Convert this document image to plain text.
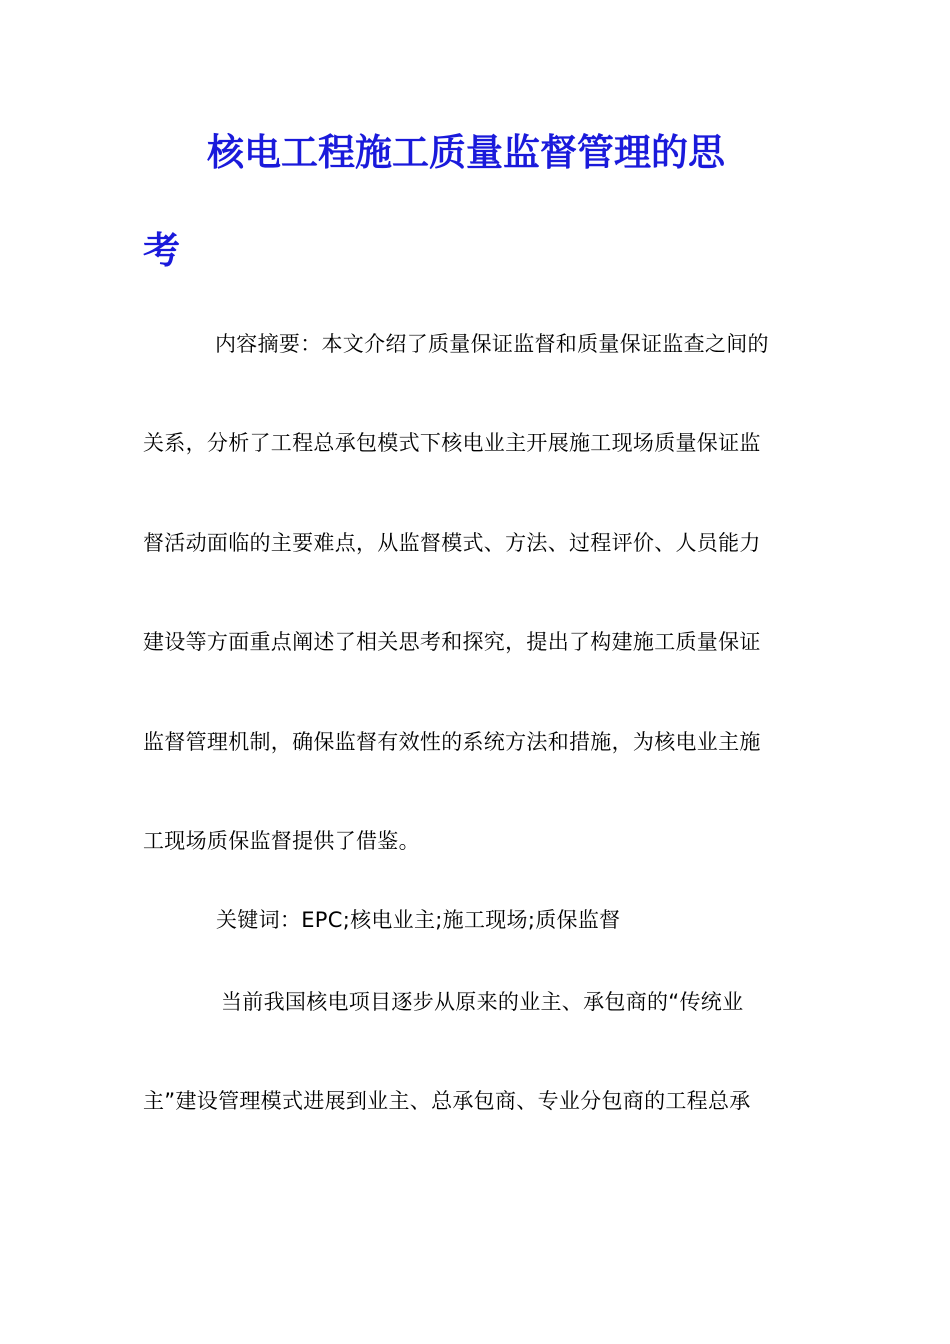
核电工程施工质量监督管理的思
考
内容摘要：本文介绍了质量保证监督和质量保证监查之间的
关系，分析了工程总承包模式下核电业主开展施工现场质量保证监
督活动面临的主要难点，从监督模式、方法、过程评价、人员能力
建设等方面重点阐述了相关思考和探究，提出了构建施工质量保证
监督管理机制，确保监督有效性的系统方法和措施，为核电业主施
工现场质保监督提供了借鉴。
关键词：EPC;核电业主;施工现场;质保监督
当前我国核电项目逐步从原来的业主、承包商的“传统业
主”建设管理模式进展到业主、总承包商、专业分包商的工程总承
